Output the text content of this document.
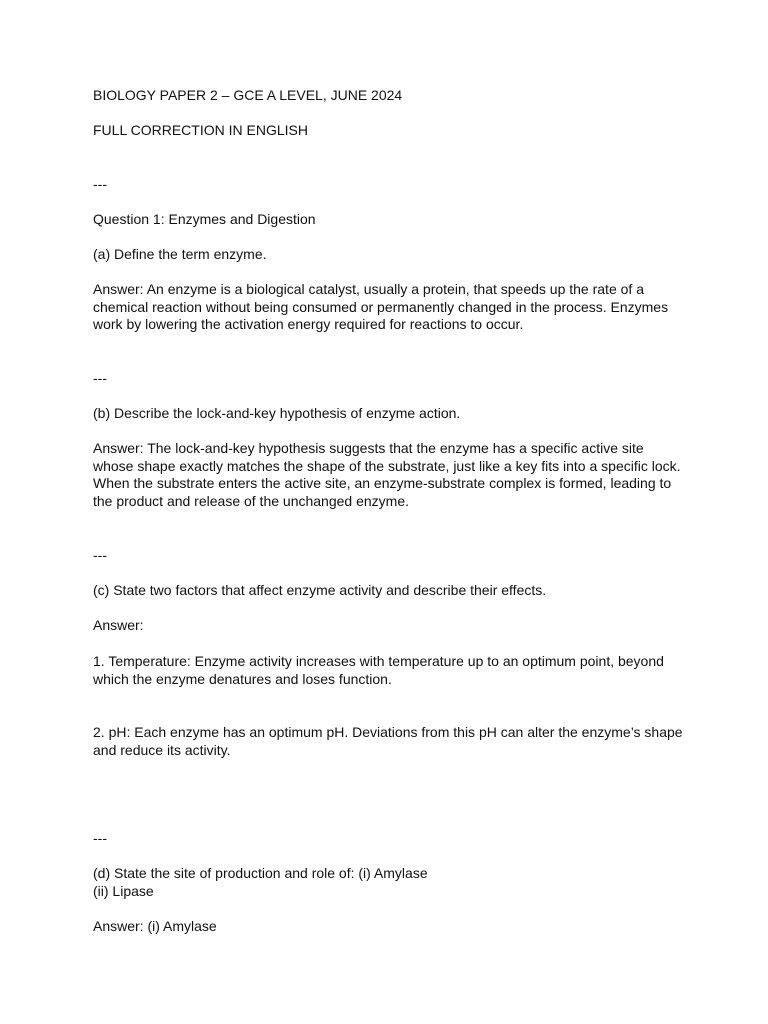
BIOLOGY PAPER 2 – GCE A LEVEL, JUNE 2024

FULL CORRECTION IN ENGLISH

---

Question 1: Enzymes and Digestion

(a) Define the term enzyme.

Answer: An enzyme is a biological catalyst, usually a protein, that speeds up the rate of a chemical reaction without being consumed or permanently changed in the process. Enzymes work by lowering the activation energy required for reactions to occur.

---

(b) Describe the lock-and-key hypothesis of enzyme action.

Answer: The lock-and-key hypothesis suggests that the enzyme has a specific active site whose shape exactly matches the shape of the substrate, just like a key fits into a specific lock. When the substrate enters the active site, an enzyme-substrate complex is formed, leading to the product and release of the unchanged enzyme.

---

(c) State two factors that affect enzyme activity and describe their effects.

Answer:

1. Temperature: Enzyme activity increases with temperature up to an optimum point, beyond which the enzyme denatures and loses function.

2. pH: Each enzyme has an optimum pH. Deviations from this pH can alter the enzyme’s shape and reduce its activity.

---

(d) State the site of production and role of: (i) Amylase

(ii) Lipase

Answer: (i) Amylase
